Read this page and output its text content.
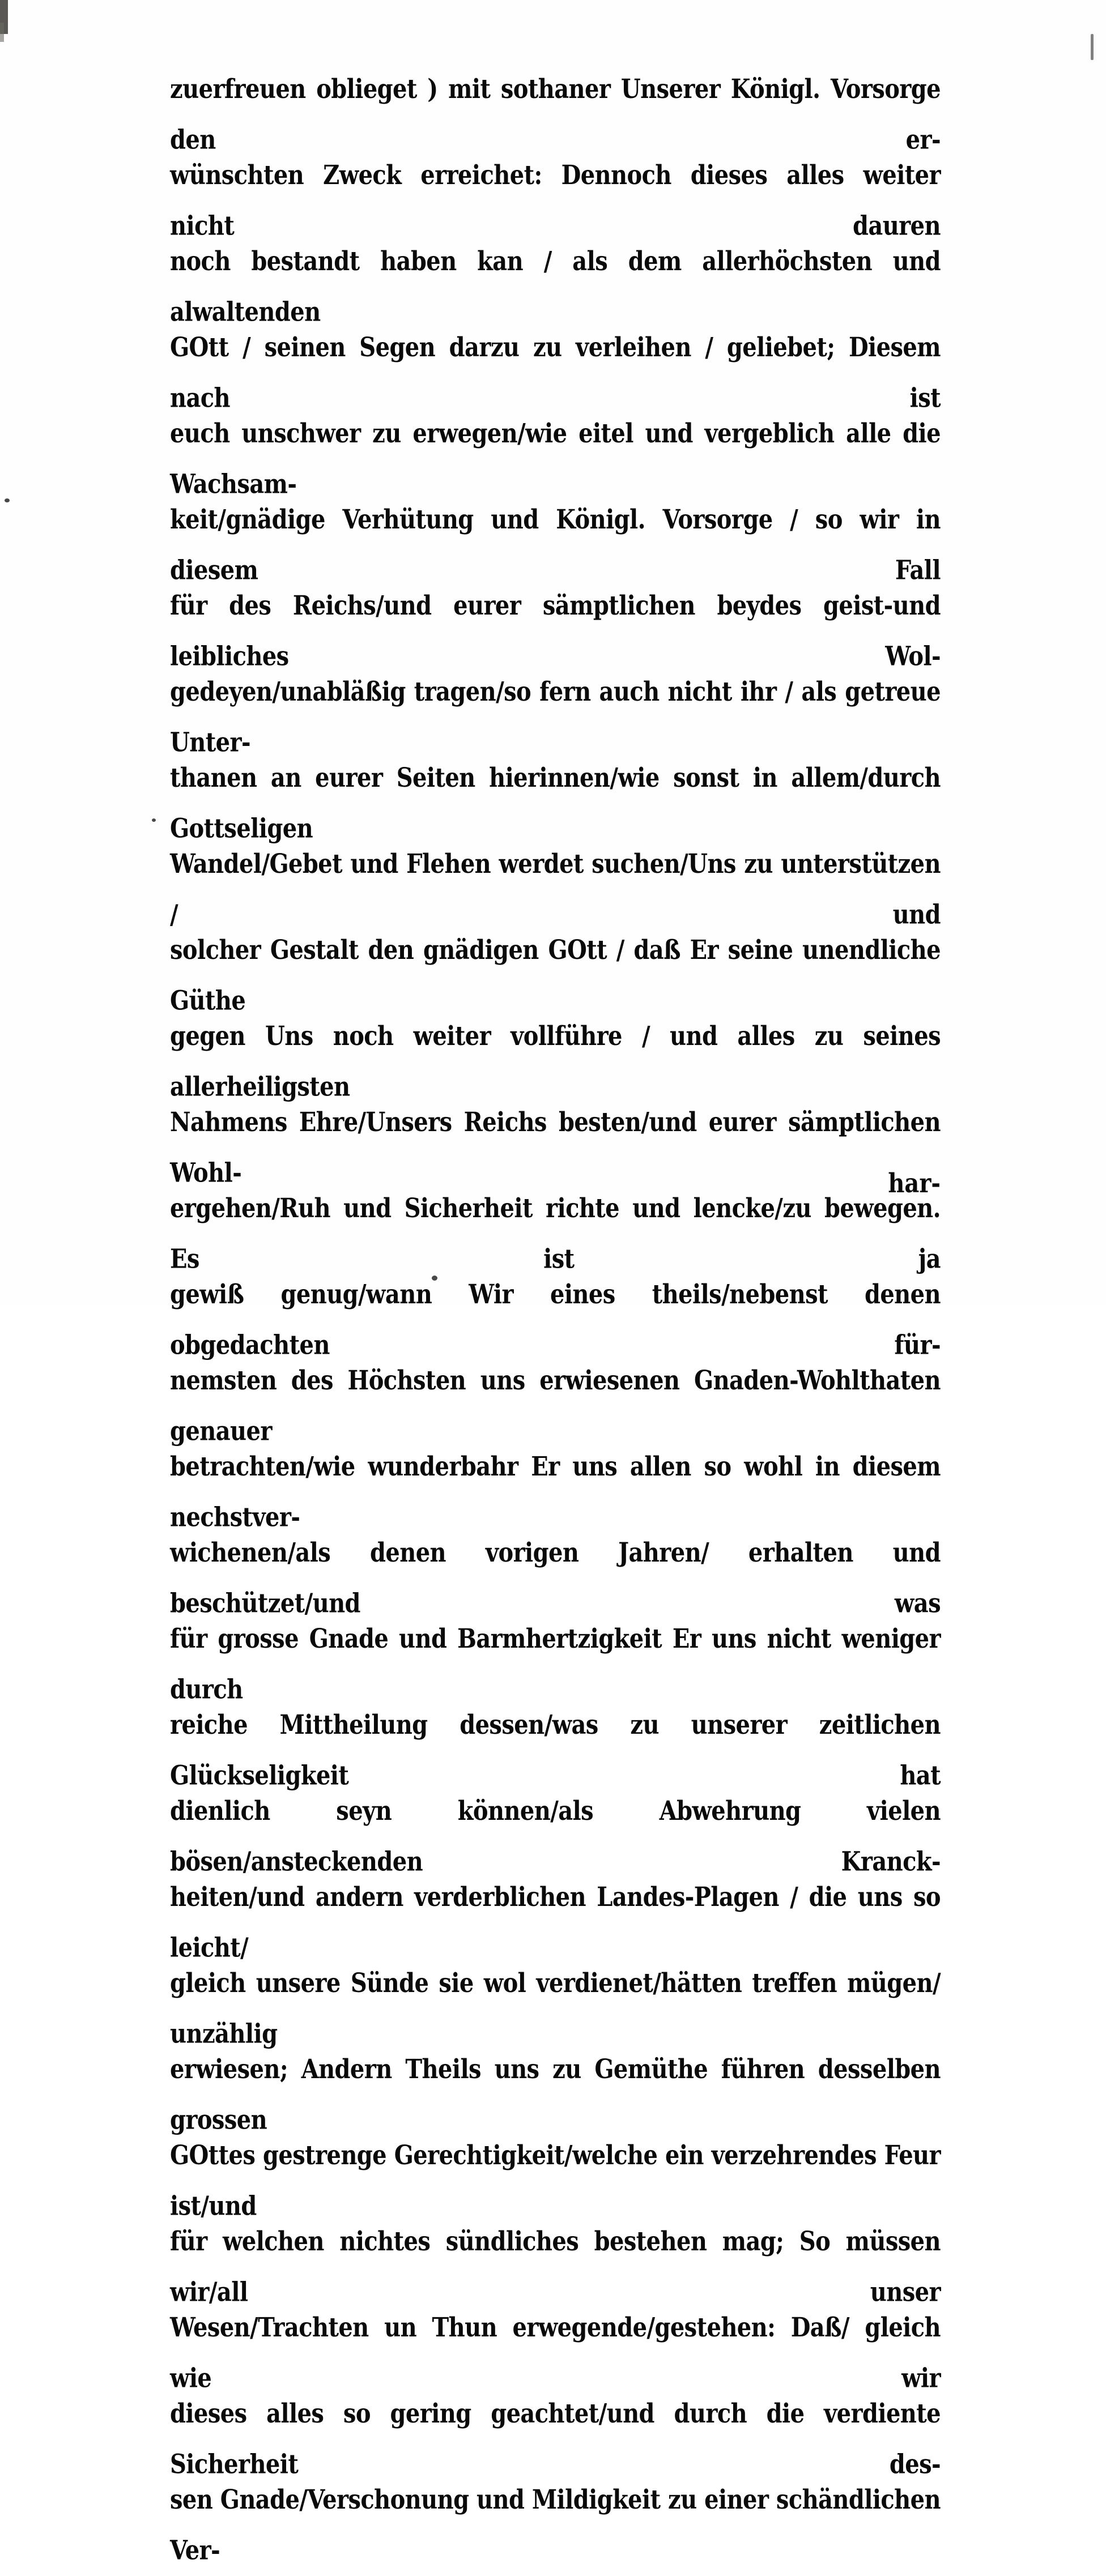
zuerfreuen oblieget ) mit sothaner Unserer Königl. Vorsorge den er‐
wünschten Zweck erreichet: Dennoch dieses alles weiter nicht dauren
noch bestandt haben kan / als dem allerhöchsten und alwaltenden
GOtt / seinen Segen darzu zu verleihen / geliebet; Diesem nach ist
euch unschwer zu erwegen/wie eitel und vergeblich alle die Wachsam‐
keit/gnädige Verhütung und Königl. Vorsorge / so wir in diesem Fall
für des Reichs/und eurer sämptlichen beydes geist‐und leibliches Wol‐
gedeyen/unabläßig tragen/so fern auch nicht ihr / als getreue Unter‐
thanen an eurer Seiten hierinnen/wie sonst in allem/durch Gottseligen
Wandel/Gebet und Flehen werdet suchen/Uns zu unterstützen / und
solcher Gestalt den gnädigen GOtt / daß Er seine unendliche Güthe
gegen Uns noch weiter vollführe / und alles zu seines allerheiligsten
Nahmens Ehre/Unsers Reichs besten/und eurer sämptlichen Wohl‐
ergehen/Ruh und Sicherheit richte und lencke/zu bewegen. Es ist ja
gewiß genug/wann Wir eines theils/nebenst denen obgedachten für‐
nemsten des Höchsten uns erwiesenen Gnaden‐Wohlthaten genauer
betrachten/wie wunderbahr Er uns allen so wohl in diesem nechstver‐
wichenen/als denen vorigen Jahren/ erhalten und beschützet/und was
für grosse Gnade und Barmhertzigkeit Er uns nicht weniger durch
reiche Mittheilung dessen/was zu unserer zeitlichen Glückseligkeit hat
dienlich seyn können/als Abwehrung vielen bösen/ansteckenden Kranck‐
heiten/und andern verderblichen Landes‐Plagen / die uns so leicht/
gleich unsere Sünde sie wol verdienet/hätten treffen mügen/ unzählig
erwiesen; Andern Theils uns zu Gemüthe führen desselben grossen
GOttes gestrenge Gerechtigkeit/welche ein verzehrendes Feur ist/und
für welchen nichtes sündliches bestehen mag; So müssen wir/all unser
Wesen/Trachten un Thun erwegende/gestehen: Daß/ gleich wie wir
dieses alles so gering geachtet/und durch die verdiente Sicherheit des‐
sen Gnade/Verschonung und Mildigkeit zu einer schändlichen Ver‐
har‐
